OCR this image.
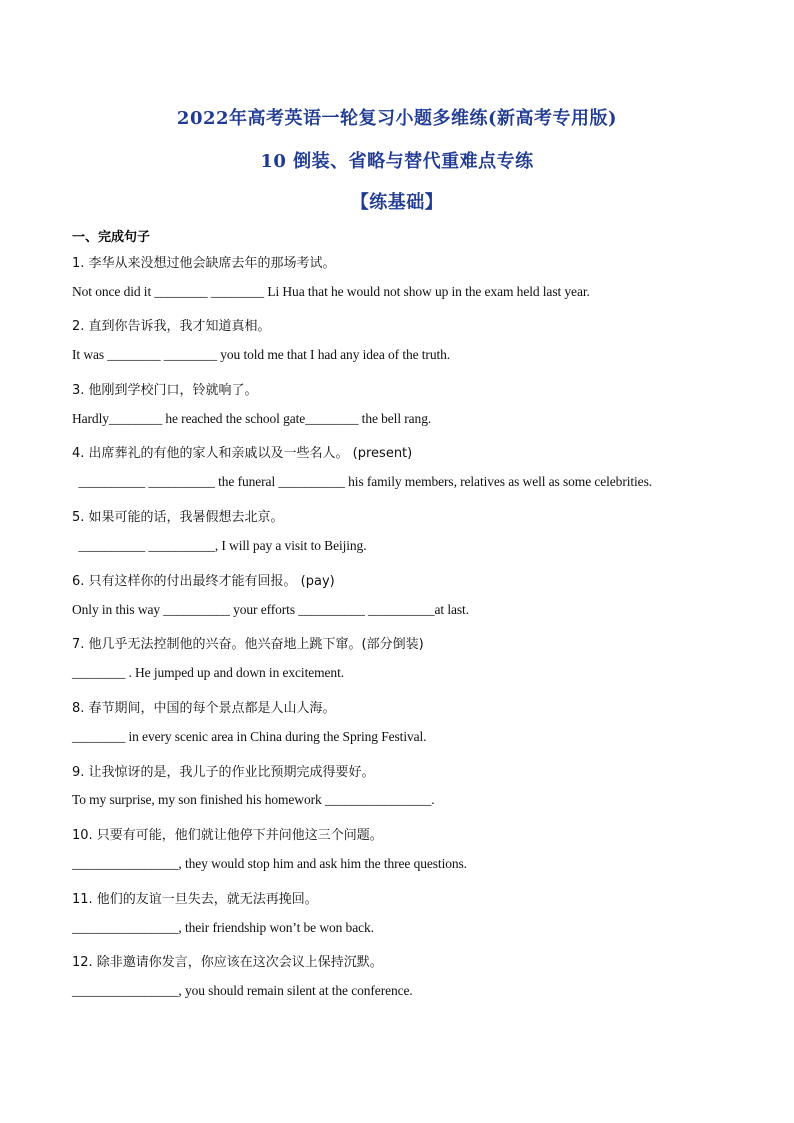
2022年高考英语一轮复习小题多维练(新高考专用版)
10 倒装、省略与替代重难点专练
【练基础】
一、完成句子
1. 李华从来没想过他会缺席去年的那场考试。
Not once did it ________ ________ Li Hua that he would not show up in the exam held last year.
2. 直到你告诉我，我才知道真相。
It was ________ ________ you told me that I had any idea of the truth.
3. 他刚到学校门口，铃就响了。
Hardly________ he reached the school gate________ the bell rang.
4. 出席葬礼的有他的家人和亲戚以及一些名人。 (present)
__________ __________ the funeral __________ his family members, relatives as well as some celebrities.
5. 如果可能的话，我暑假想去北京。
__________ __________, I will pay a visit to Beijing.
6. 只有这样你的付出最终才能有回报。 (pay)
Only in this way __________ your efforts __________ __________at last.
7. 他几乎无法控制他的兴奋。他兴奋地上跳下窜。(部分倒装)
________ . He jumped up and down in excitement.
8. 春节期间，中国的每个景点都是人山人海。
________ in every scenic area in China during the Spring Festival.
9. 让我惊讶的是，我儿子的作业比预期完成得要好。
To my surprise, my son finished his homework ________________.
10. 只要有可能，他们就让他停下并问他这三个问题。
________________, they would stop him and ask him the three questions.
11. 他们的友谊一旦失去，就无法再挽回。
________________, their friendship won’t be won back.
12. 除非邀请你发言，你应该在这次会议上保持沉默。
________________, you should remain silent at the conference.
